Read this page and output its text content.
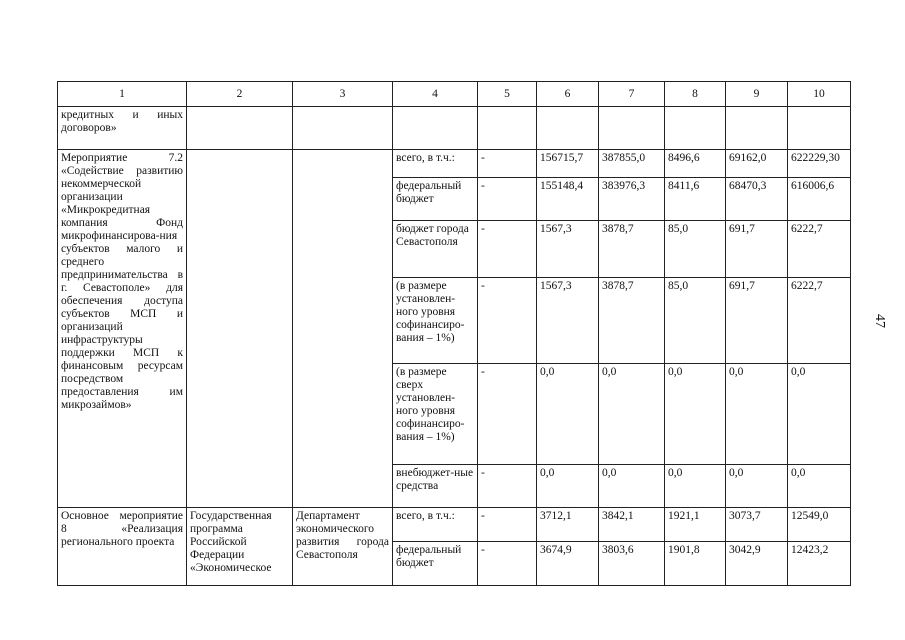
1	2	3	4	5	6	7	8	9	10
кредитных и иных договоров»									
Мероприятие 7.2 «Содействие развитию некоммерческой организации «Микрокредитная компания Фонд микрофинансирова-ния субъектов малого и среднего предпринимательства в г. Севастополе» для обеспечения доступа субъектов МСП и организаций инфраструктуры поддержки МСП к финансовым ресурсам посредством предоставления им микрозаймов»			всего, в т.ч.:	-	156715,7	387855,0	8496,6	69162,0	622229,30
			федеральный бюджет	-	155148,4	383976,3	8411,6	68470,3	616006,6
			бюджет города Севастополя	-	1567,3	3878,7	85,0	691,7	6222,7
			(в размере установлен-ного уровня софинансиро-вания – 1%)	-	1567,3	3878,7	85,0	691,7	6222,7
			(в размере сверх установлен-ного уровня софинансиро-вания – 1%)	-	0,0	0,0	0,0	0,0	0,0
			внебюджет-ные средства	-	0,0	0,0	0,0	0,0	0,0
Основное мероприятие 8 «Реализация регионального проекта	Государственная программа Российской Федерации «Экономическое	Департамент экономического развития города Севастополя	всего, в т.ч.:	-	3712,1	3842,1	1921,1	3073,7	12549,0
			федеральный бюджет	-	3674,9	3803,6	1901,8	3042,9	12423,2
47
